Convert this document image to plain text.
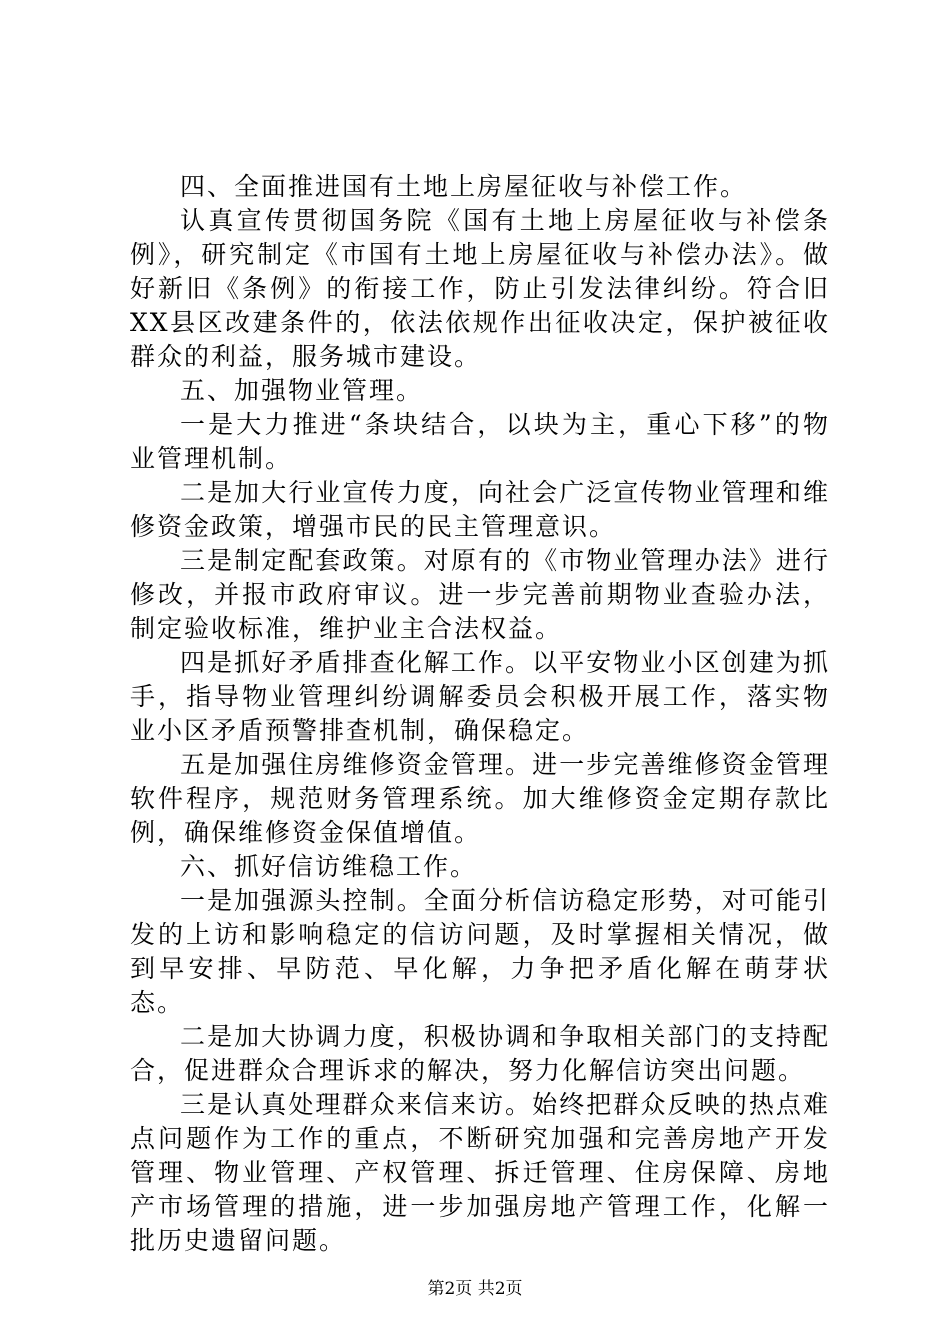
四、全面推进国有土地上房屋征收与补偿工作。

认真宣传贯彻国务院《国有土地上房屋征收与补偿条例》，研究制定《市国有土地上房屋征收与补偿办法》。做好新旧《条例》的衔接工作，防止引发法律纠纷。符合旧XX县区改建条件的，依法依规作出征收决定，保护被征收群众的利益，服务城市建设。

五、加强物业管理。

一是大力推进“条块结合，以块为主，重心下移”的物业管理机制。

二是加大行业宣传力度，向社会广泛宣传物业管理和维修资金政策，增强市民的民主管理意识。

三是制定配套政策。对原有的《市物业管理办法》进行修改，并报市政府审议。进一步完善前期物业查验办法，制定验收标准，维护业主合法权益。

四是抓好矛盾排查化解工作。以平安物业小区创建为抓手，指导物业管理纠纷调解委员会积极开展工作，落实物业小区矛盾预警排查机制，确保稳定。

五是加强住房维修资金管理。进一步完善维修资金管理软件程序，规范财务管理系统。加大维修资金定期存款比例，确保维修资金保值增值。

六、抓好信访维稳工作。

一是加强源头控制。全面分析信访稳定形势，对可能引发的上访和影响稳定的信访问题，及时掌握相关情况，做到早安排、早防范、早化解，力争把矛盾化解在萌芽状态。

二是加大协调力度，积极协调和争取相关部门的支持配合，促进群众合理诉求的解决，努力化解信访突出问题。

三是认真处理群众来信来访。始终把群众反映的热点难点问题作为工作的重点，不断研究加强和完善房地产开发管理、物业管理、产权管理、拆迁管理、住房保障、房地产市场管理的措施，进一步加强房地产管理工作，化解一批历史遗留问题。

第2页 共2页
